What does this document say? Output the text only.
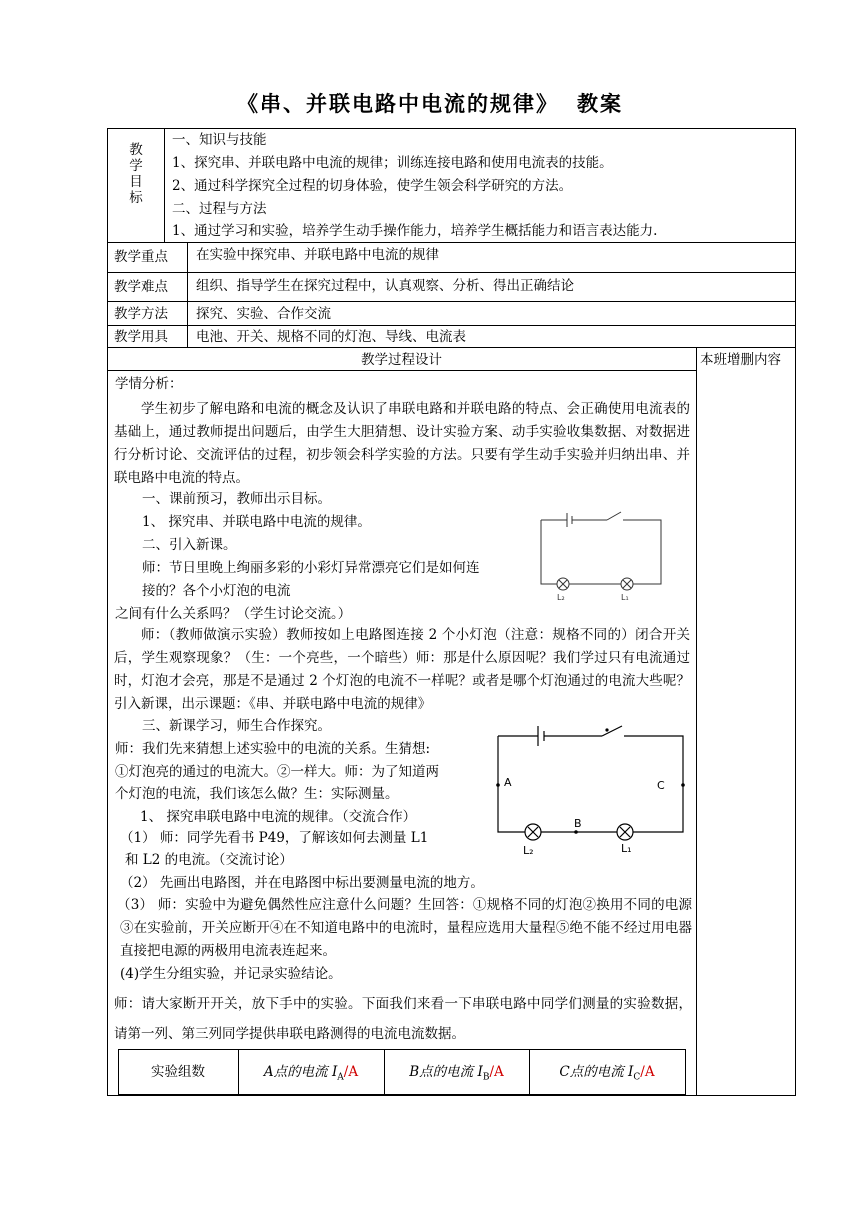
《串、并联电路中电流的规律》 教案
教
学
目
标
一、知识与技能
1、探究串、并联电路中电流的规律；训练连接电路和使用电流表的技能。
2、通过科学探究全过程的切身体验，使学生领会科学研究的方法。
二、过程与方法
1、通过学习和实验，培养学生动手操作能力，培养学生概括能力和语言表达能力.
教学重点 在实验中探究串、并联电路中电流的规律
教学难点 组织、指导学生在探究过程中，认真观察、分析、得出正确结论
教学方法 探究、实验、合作交流
教学用具 电池、开关、规格不同的灯泡、导线、电流表
教学过程设计	本班增删内容
学情分析：
学生初步了解电路和电流的概念及认识了串联电路和并联电路的特点、会正确使用电流表的基础上，通过教师提出问题后，由学生大胆猜想、设计实验方案、动手实验收集数据、对数据进行分析讨论、交流评估的过程，初步领会科学实验的方法。只要有学生动手实验并归纳出串、并联电路中电流的特点。
一、课前预习，教师出示目标。
1、 探究串、并联电路中电流的规律。
二、引入新课。
师：节日里晚上绚丽多彩的小彩灯异常漂亮它们是如何连
接的？各个小灯泡的电流
之间有什么关系吗？（学生讨论交流。）
师：（教师做演示实验）教师按如上电路图连接 2 个小灯泡（注意：规格不同的）闭合开关后，学生观察现象？（生：一个亮些，一个暗些）师：那是什么原因呢？我们学过只有电流通过时，灯泡才会亮，那是不是通过 2 个灯泡的电流不一样呢？或者是哪个灯泡通过的电流大些呢？引入新课，出示课题：《串、并联电路中电流的规律》
三、新课学习，师生合作探究。
师：我们先来猜想上述实验中的电流的关系。生猜想:
①灯泡亮的通过的电流大。②一样大。师：为了知道两
个灯泡的电流，我们该怎么做？生：实际测量。
1、 探究串联电路中电流的规律。（交流合作）
（1） 师：同学先看书 P49，了解该如何去测量 L1
和 L2 的电流。（交流讨论）
（2） 先画出电路图，并在电路图中标出要测量电流的地方。
（3） 师：实验中为避免偶然性应注意什么问题？生回答：①规格不同的灯泡②换用不同的电源③在实验前，开关应断开④在不知道电路中的电流时，量程应选用大量程⑤绝不能不经过用电器直接把电源的两极用电流表连起来。
(4)学生分组实验，并记录实验结论。
师：请大家断开开关，放下手中的实验。下面我们来看一下串联电路中同学们测量的实验数据，请第一列、第三列同学提供串联电路测得的电流电流数据。
L₂	L₁
A	C
B
L₂	L₁
实验组数	A点的电流 $I_A/A$	B点的电流 $I_B/A$	C点的电流 $I_C/A$
